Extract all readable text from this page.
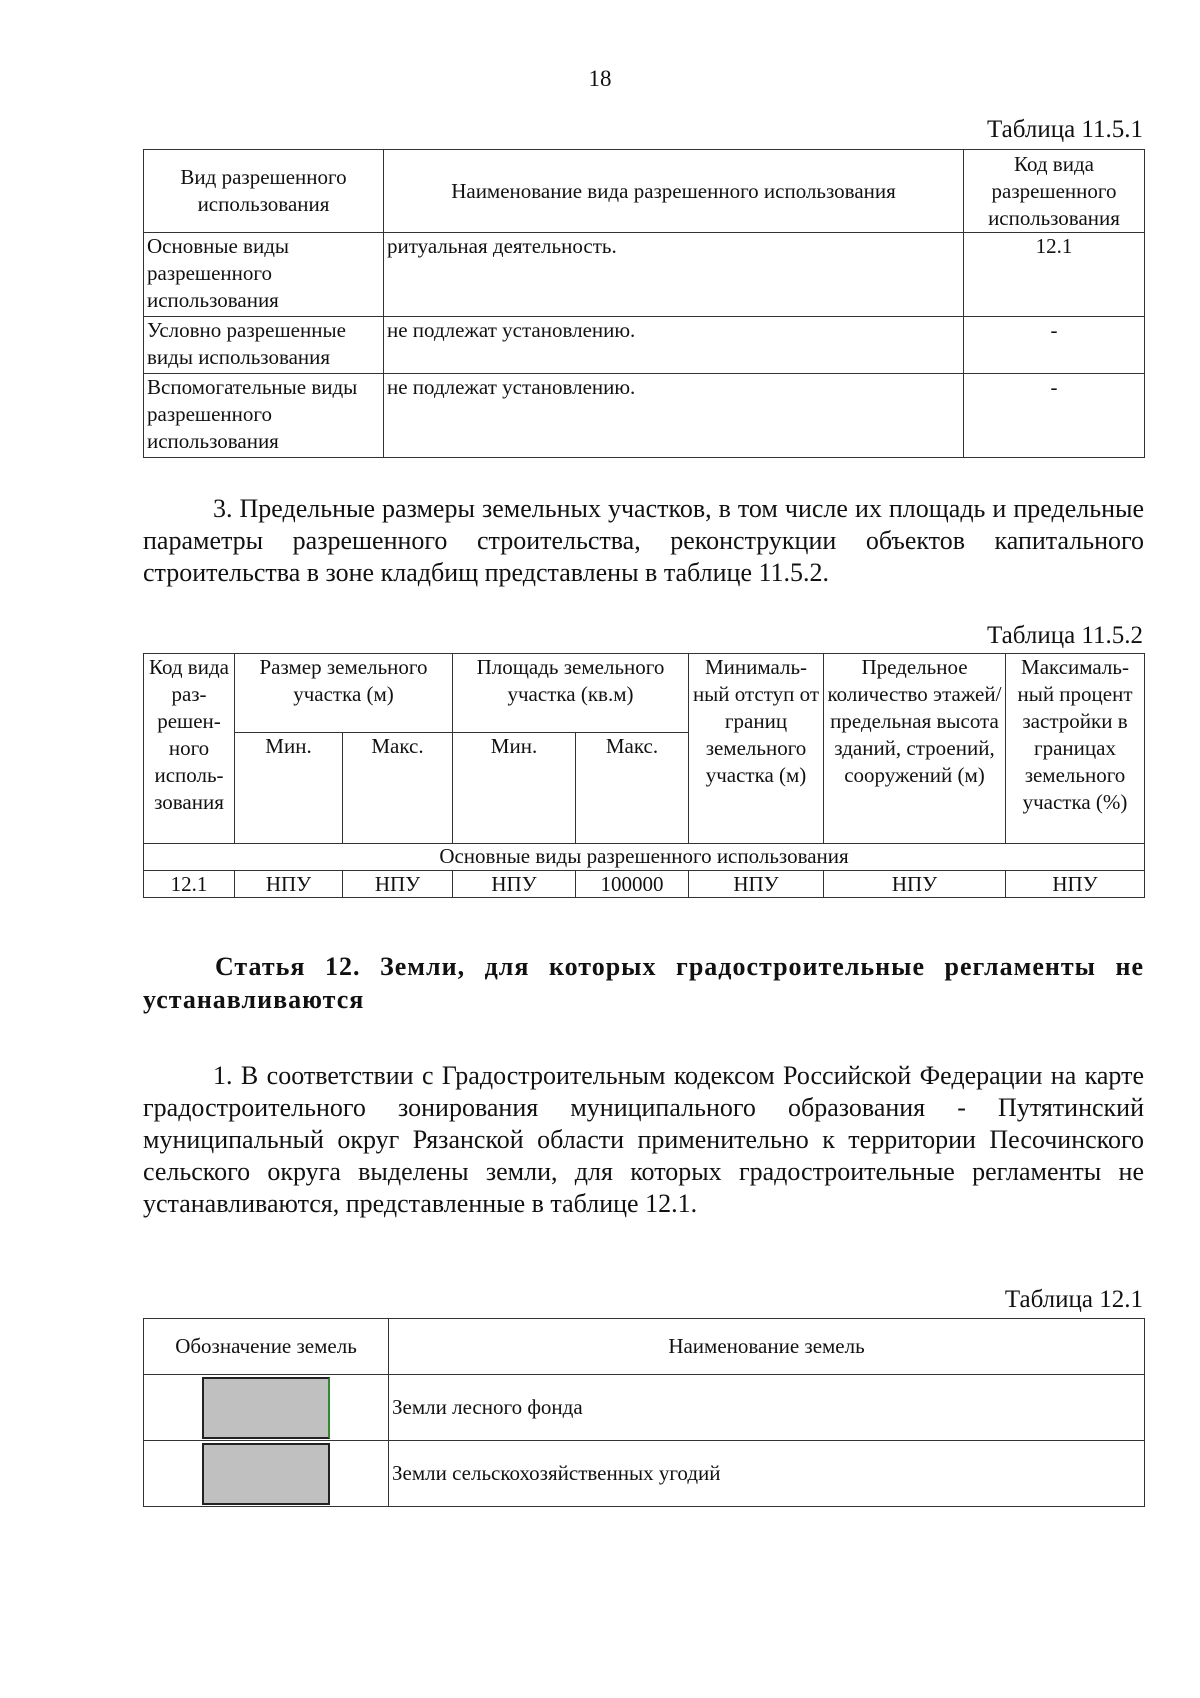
18
Таблица 11.5.1
Вид разрешенного использования	Наименование вида разрешенного использования	Код вида разрешенного использования
Основные виды разрешенного использования	ритуальная деятельность.	12.1
Условно разрешенные виды использования	не подлежат установлению.	-
Вспомогательные виды разрешенного использования	не подлежат установлению.	-
3. Предельные размеры земельных участков, в том числе их площадь и предельные параметры разрешенного строительства, реконструкции объектов капитального строительства в зоне кладбищ представлены в таблице 11.5.2.
Таблица 11.5.2
Код вида раз- решен- ного исполь- зования	Размер земельного участка (м)		Площадь земельного участка (кв.м)		Минималь- ный отступ от границ земельного участка (м)	Предельное количество этажей/ предельная высота зданий, строений, сооружений (м)	Максималь- ный процент застройки в границах земельного участка (%)
	Мин.	Макс.	Мин.	Макс.			
Основные виды разрешенного использования							
12.1	НПУ	НПУ	НПУ	100000	НПУ	НПУ	НПУ
Статья 12. Земли, для которых градостроительные регламенты не устанавливаются
1. В соответствии с Градостроительным кодексом Российской Федерации на карте градостроительного зонирования муниципального образования - Путятинский муниципальный округ Рязанской области применительно к территории Песочинского сельского округа выделены земли, для которых градостроительные регламенты не устанавливаются, представленные в таблице 12.1.
Таблица 12.1
Обозначение земель	Наименование земель
	Земли лесного фонда
	Земли сельскохозяйственных угодий
